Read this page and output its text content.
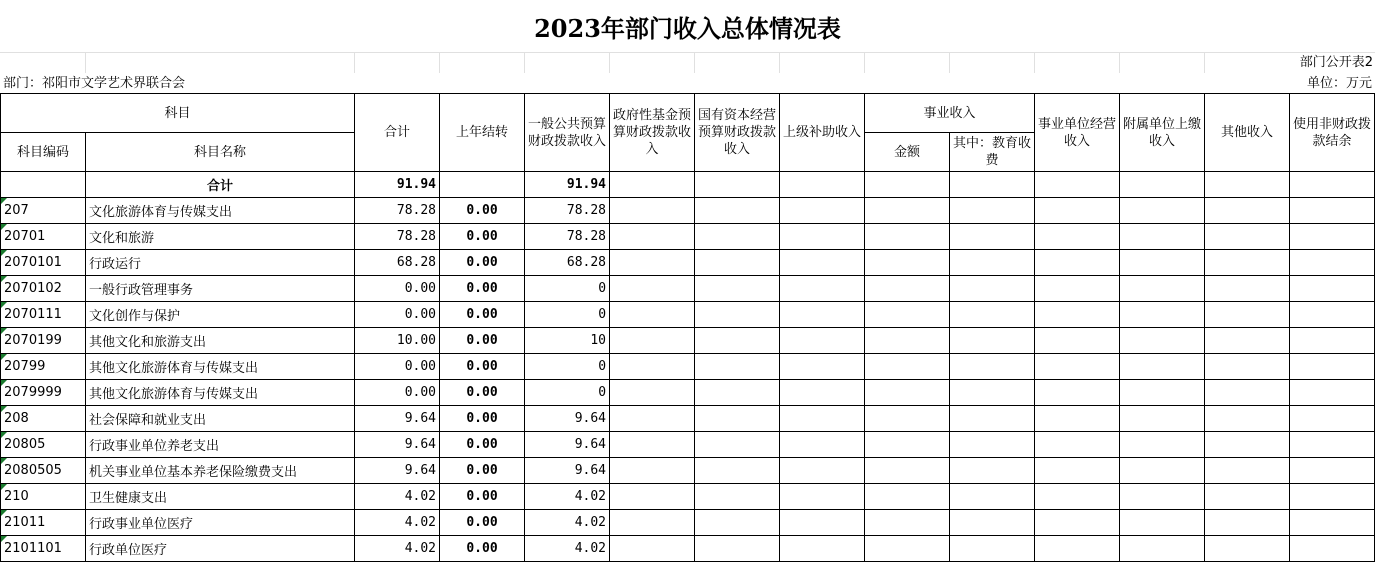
2023年部门收入总体情况表
部门公开表2
部门：祁阳市文学艺术界联合会	单位：万元
科目		合计	上年结转	一般公共预算财政拨款收入	政府性基金预算财政拨款收入	国有资本经营预算财政拨款收入	上级补助收入	事业收入		事业单位经营收入	附属单位上缴收入	其他收入	使用非财政拨款结余
科目编码	科目名称							金额	其中：教育收费				
	合计	91.94		91.94									

207	文化旅游体育与传媒支出	78.28	0.00	78.28									

20701	文化和旅游	78.28	0.00	78.28									

2070101	行政运行	68.28	0.00	68.28									

2070102	一般行政管理事务	0.00	0.00	0									

2070111	文化创作与保护	0.00	0.00	0									

2070199	其他文化和旅游支出	10.00	0.00	10									

20799	其他文化旅游体育与传媒支出	0.00	0.00	0									

2079999	其他文化旅游体育与传媒支出	0.00	0.00	0									

208	社会保障和就业支出	9.64	0.00	9.64									

20805	行政事业单位养老支出	9.64	0.00	9.64									

2080505	机关事业单位基本养老保险缴费支出	9.64	0.00	9.64									

210	卫生健康支出	4.02	0.00	4.02									

21011	行政事业单位医疗	4.02	0.00	4.02									

2101101	行政单位医疗	4.02	0.00	4.02									
